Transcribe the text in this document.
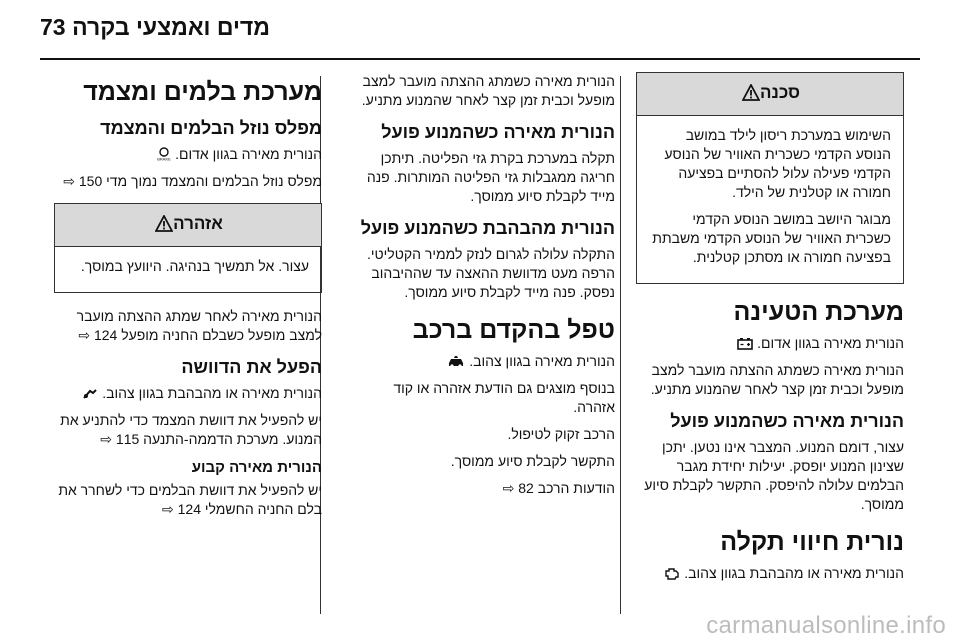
מדים ואמצעי בקרה
73
סכנה

השימוש במערכת ריסון לילד במושב הנוסע הקדמי כשכרית האוויר של הנוסע הקדמי פעילה עלול להסתיים בפציעה חמורה או קטלנית של הילד.

מבוגר היושב במושב הנוסע הקדמי כשכרית האוויר של הנוסע הקדמי משבתת בפציעה חמורה או מסתכן קטלנית.

מערכת הטעינה

הנורית מאירה בגוון אדום.

הנורית מאירה כשמתג ההצתה מועבר למצב מופעל וכבית זמן קצר לאחר שהמנוע מתניע.

הנורית מאירה כשהמנוע פועל

עצור, דומם המנוע. המצבר אינו נטען. יתכן שצינון המנוע יופסק. יעילות יחידת מגבר הבלמים עלולה להיפסק. התקשר לקבלת סיוע ממוסך.

נורית חיווי תקלה

הנורית מאירה או מהבהבת בגוון צהוב.

הנורית מאירה כשמתג ההצתה מועבר למצב מופעל וכבית זמן קצר לאחר שהמנוע מתניע.

הנורית מאירה כשהמנוע פועל

תקלה במערכת בקרת גזי הפליטה. תיתכן חריגה ממגבלות גזי הפליטה המותרות. פנה מייד לקבלת סיוע ממוסך.

הנורית מהבהבת כשהמנוע פועל

התקלה עלולה לגרום לנזק לממיר הקטליטי. הרפה מעט מדוושת ההאצה עד שההיבהוב נפסק. פנה מייד לקבלת סיוע ממוסך.

טפל בהקדם ברכב

הנורית מאירה בגוון צהוב.

בנוסף מוצגים גם הודעת אזהרה או קוד אזהרה.

הרכב זקוק לטיפול.

התקשר לקבלת סיוע ממוסך.

הודעות הרכב ⇨ 82

מערכת בלמים ומצמד
מפלס נוזל הבלמים והמצמד

הנורית מאירה בגוון אדום.
BRAKE

מפלס נוזל הבלמים והמצמד נמוך מדי ⇨ 150

אזהרה

עצור. אל תמשיך בנהיגה. היוועץ במוסך.

הנורית מאירה לאחר שמתג ההצתה מועבר למצב מופעל כשבלם החניה מופעל ⇨ 124

הפעל את הדוושה

הנורית מאירה או מהבהבת בגוון צהוב.

יש להפעיל את דוושת המצמד כדי להתניע את המנוע. מערכת הדממה-התנעה ⇨ 115

הנורית מאירה קבוע

יש להפעיל את דוושת הבלמים כדי לשחרר את בלם החניה החשמלי ⇨ 124

carmanualsonline.info
